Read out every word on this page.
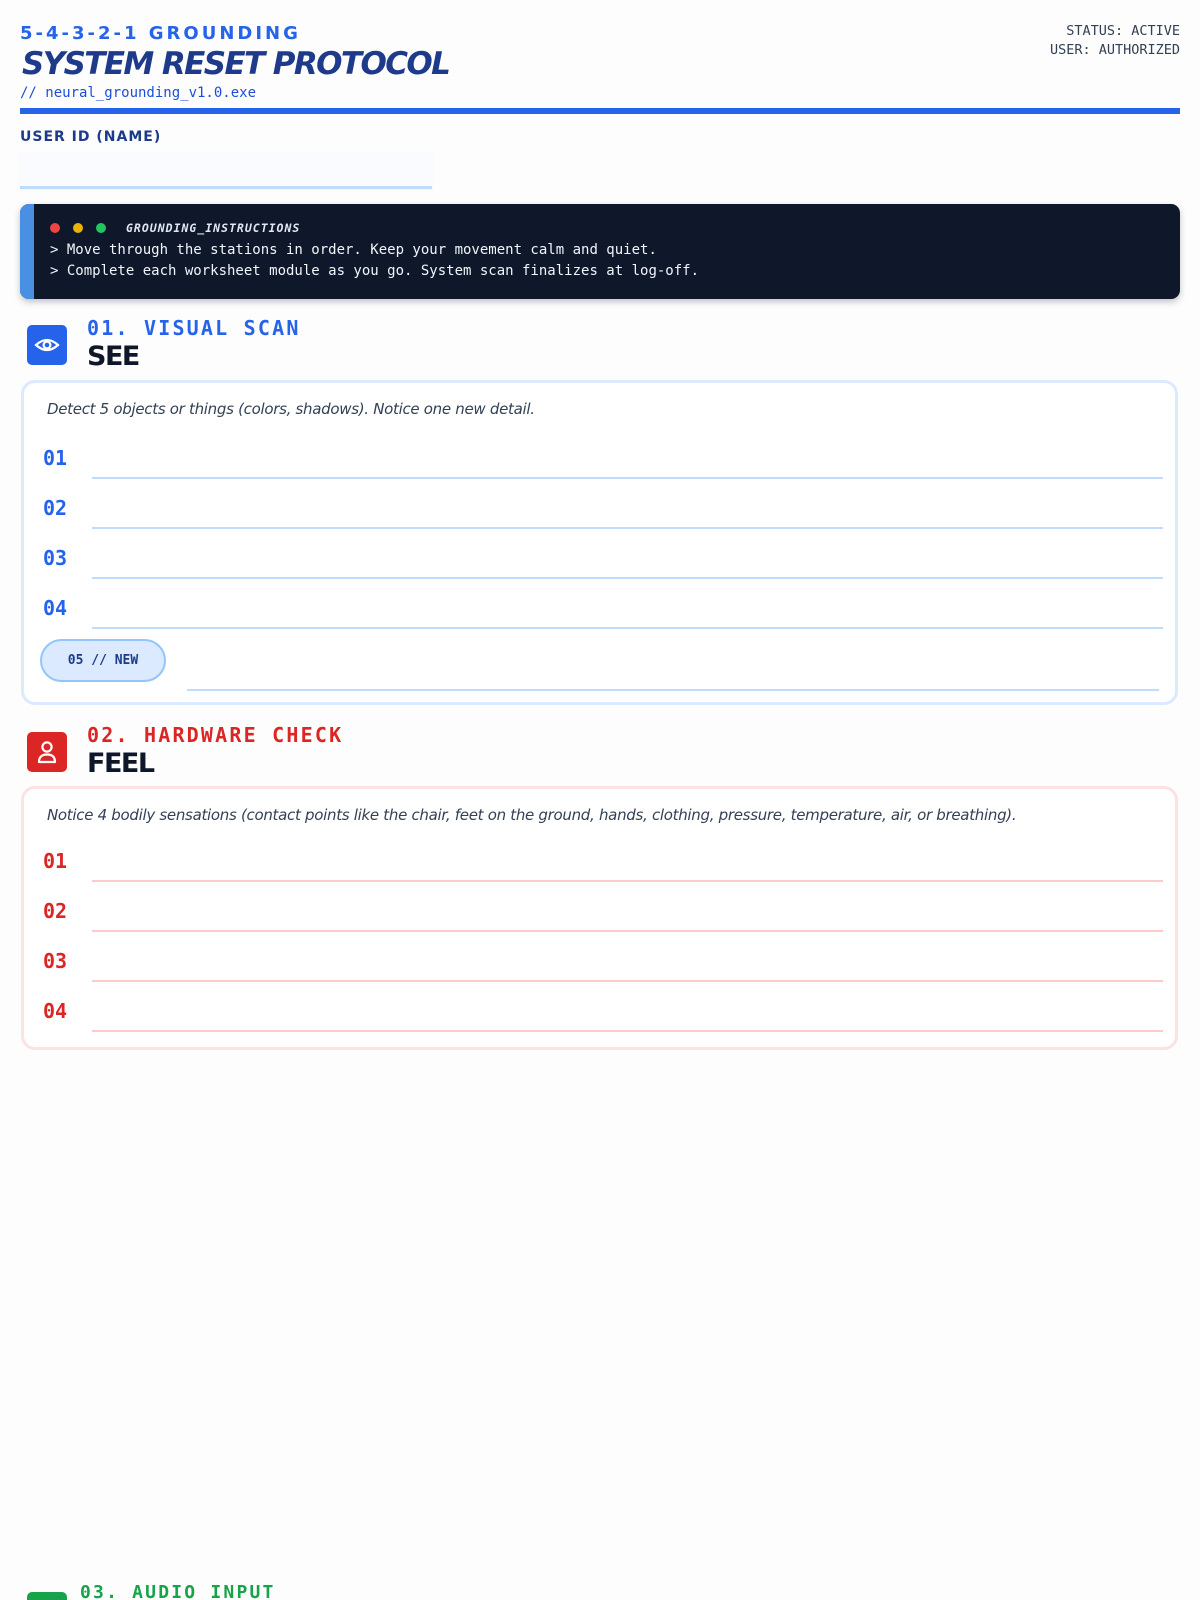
5-4-3-2-1 GROUNDING
SYSTEM RESET PROTOCOL
// neural_grounding_v1.0.exe
STATUS: ACTIVE
USER: AUTHORIZED
USER ID (NAME)
GROUNDING_INSTRUCTIONS
> Move through the stations in order. Keep your movement calm and quiet.
> Complete each worksheet module as you go. System scan finalizes at log-off.
01. VISUAL SCAN
SEE
Detect 5 objects or things (colors, shadows). Notice one new detail.
01
02
03
04
05 // NEW
02. HARDWARE CHECK
FEEL
Notice 4 bodily sensations (contact points like the chair, feet on the ground, hands, clothing, pressure, temperature, air, or breathing).
01
02
03
04
03. AUDIO INPUT
